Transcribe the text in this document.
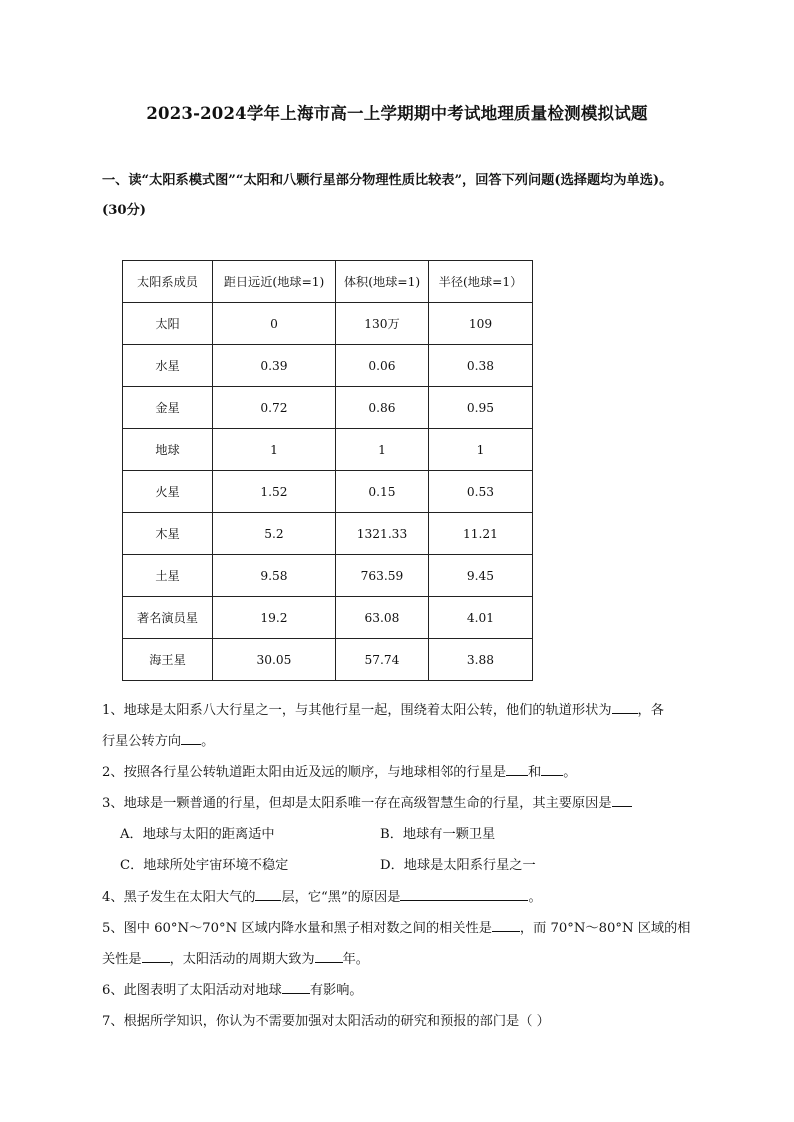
2023-2024学年上海市高一上学期期中考试地理质量检测模拟试题
一、读“太阳系模式图”“太阳和八颗行星部分物理性质比较表”，回答下列问题(选择题均为单选)。
(30分)
太阳系成员	距日远近(地球=1)	体积(地球=1)	半径(地球=1）
太阳	0	130万	109
水星	0.39	0.06	0.38
金星	0.72	0.86	0.95
地球	1	1	1
火星	1.52	0.15	0.53
木星	5.2	1321.33	11.21
土星	9.58	763.59	9.45
著名演员星	19.2	63.08	4.01
海王星	30.05	57.74	3.88
1、地球是太阳系八大行星之一，与其他行星一起，围绕着太阳公转，他们的轨道形状为 ，各
行星公转方向 。
2、按照各行星公转轨道距太阳由近及远的顺序，与地球相邻的行星是 和 。
3、地球是一颗普通的行星，但却是太阳系唯一存在高级智慧生命的行星，其主要原因是
A．地球与太阳的距离适中	B．地球有一颗卫星
C．地球所处宇宙环境不稳定	D．地球是太阳系行星之一
4、黑子发生在太阳大气的 层，它“黑”的原因是	。
5、图中 60°N～70°N 区域内降水量和黑子相对数之间的相关性是 ，而 70°N～80°N 区域的相
关性是 ，太阳活动的周期大致为 年。
6、此图表明了太阳活动对地球 有影响。
7、根据所学知识，你认为不需要加强对太阳活动的研究和预报的部门是（ ）
